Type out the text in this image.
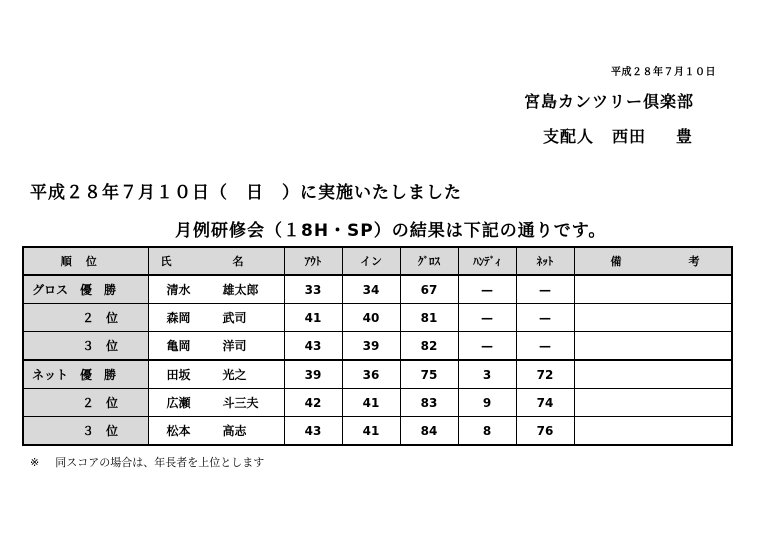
平成２８年７月１０日
宮島カンツリー倶楽部
支配人 西田 豊
平成２８年７月１０日（　日　）に実施いたしました
月例研修会（１8H・SP）の結果は下記の通りです。
順位	氏 名	ｱｳﾄ	イン	ｸﾞﾛｽ	ﾊﾝﾃﾞｨ	ﾈｯﾄ	備 考
グロス　優　勝	清水 雄太郎	33	34	67	—	—	
２　位	森岡 武司	41	40	81	—	—	
３　位	亀岡 洋司	43	39	82	—	—	
ネット　優　勝	田坂 光之	39	36	75	3	72	
２　位	広瀬 斗三夫	42	41	83	9	74	
３　位	松本 高志	43	41	84	8	76	
※ 同スコアの場合は、年長者を上位とします
